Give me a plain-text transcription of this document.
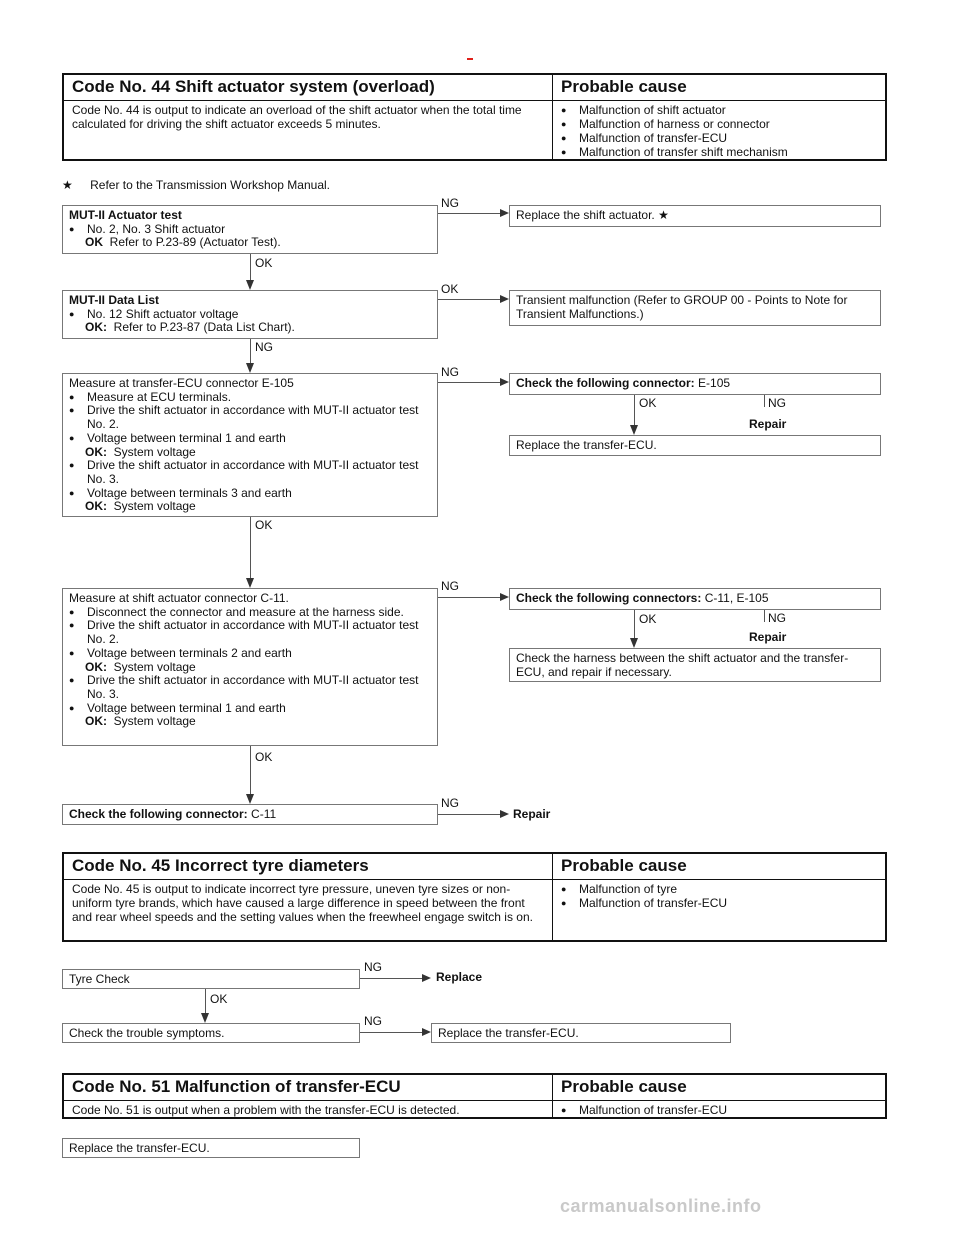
Code No. 44 Shift actuator system (overload)	Probable cause
Code No. 44 is output to indicate an overload of the shift actuator when the total time calculated for driving the shift actuator exceeds 5 minutes.
● Malfunction of shift actuator
● Malfunction of harness or connector
● Malfunction of transfer-ECU
● Malfunction of transfer shift mechanism
★ Refer to the Transmission Workshop Manual.
MUT-II Actuator test
● No. 2, No. 3 Shift actuator
OK Refer to P.23-89 (Actuator Test).
NG
Replace the shift actuator. ★
OK
MUT-II Data List
● No. 12 Shift actuator voltage
OK: Refer to P.23-87 (Data List Chart).
OK
Transient malfunction (Refer to GROUP 00 - Points to Note for Transient Malfunctions.)
NG
Measure at transfer-ECU connector E-105
● Measure at ECU terminals.
● Drive the shift actuator in accordance with MUT-II actuator test No. 2.
● Voltage between terminal 1 and earth
OK: System voltage
● Drive the shift actuator in accordance with MUT-II actuator test No. 3.
● Voltage between terminals 3 and earth
OK: System voltage
NG
Check the following connector: E-105
OK	NG
Repair
Replace the transfer-ECU.
OK
Measure at shift actuator connector C-11.
● Disconnect the connector and measure at the harness side.
● Drive the shift actuator in accordance with MUT-II actuator test No. 2.
● Voltage between terminals 2 and earth
OK: System voltage
● Drive the shift actuator in accordance with MUT-II actuator test No. 3.
● Voltage between terminal 1 and earth
OK: System voltage
NG
Check the following connectors: C-11, E-105
OK	NG
Repair
Check the harness between the shift actuator and the transfer-ECU, and repair if necessary.
OK
Check the following connector: C-11
NG
Repair
Code No. 45 Incorrect tyre diameters	Probable cause
Code No. 45 is output to indicate incorrect tyre pressure, uneven tyre sizes or non-uniform tyre brands, which have caused a large difference in speed between the front and rear wheel speeds and the setting values when the freewheel engage switch is on.
● Malfunction of tyre
● Malfunction of transfer-ECU
Tyre Check
NG
Replace
OK
Check the trouble symptoms.
NG
Replace the transfer-ECU.
Code No. 51 Malfunction of transfer-ECU	Probable cause
Code No. 51 is output when a problem with the transfer-ECU is detected.
●	Malfunction of transfer-ECU
Replace the transfer-ECU.
carmanualsonline.info
